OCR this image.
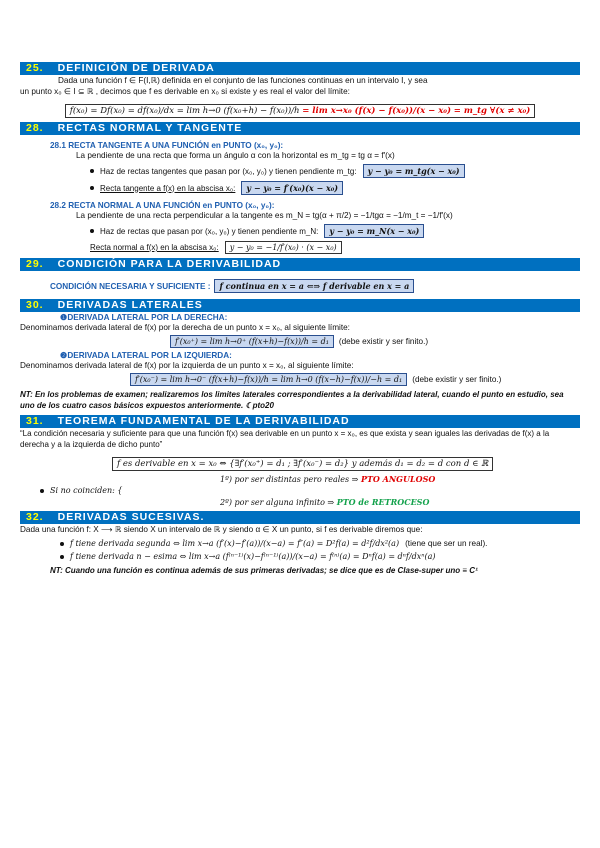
25. DEFINICIÓN DE DERIVADA

Dada una función f ∈ F(I,ℝ) definida en el conjunto de las funciones continuas en un intervalo I, y sea

un punto x₀ ∈ I ⊆ ℝ , decimos que f es derivable en x₀ si existe y es real el valor del límite:

f(x₀) = Df(x₀) = df(x₀)/dx = lim h→0 (f(x₀+h) − f(x₀))/h = lim x→x₀ (f(x) − f(x₀))/(x − x₀) = m_tg ∀(x ≠ x₀)
28. RECTAS NORMAL Y TANGENTE
28.1 RECTA TANGENTE A UNA FUNCIÓN en PUNTO (x₀, y₀):

La pendiente de una recta que forma un ángulo α con la horizontal es m_tg = tg α = f′(x)

Haz de rectas tangentes que pasan por (x₀, y₀) y tienen pendiente m_tg:	y − y₀ = m_tg(x − x₀)
Recta tangente a f(x) en la abscisa x₀:	y − y₀ = f′(x₀)(x − x₀)
28.2 RECTA NORMAL A UNA FUNCIÓN en PUNTO (x₀, y₀):

La pendiente de una recta perpendicular a la tangente es m_N = tg(α + π/2) = −1/tgα = −1/m_t = −1/f′(x)

Haz de rectas que pasan por (x₀, y₀) y tienen pendiente m_N:	y − y₀ = m_N(x − x₀)
Recta normal a f(x) en la abscisa x₀:	y − y₀ = −1/f′(x₀) · (x − x₀)
29. CONDICIÓN PARA LA DERIVABILIDAD
CONDICIÓN NECESARIA Y SUFICIENTE :	f continua en x = a ⇐⇒ f derivable en x = a
30. DERIVADAS LATERALES
❶DERIVADA LATERAL POR LA DERECHA:

Denominamos derivada lateral de f(x) por la derecha de un punto x = x₀, al siguiente límite:

f′(x₀⁺) = lim h→0⁺ (f(x+h)−f(x))/h = d₁	(debe existir y ser finito.)
❷DERIVADA LATERAL POR LA IZQUIERDA:

Denominamos derivada lateral de f(x) por la izquierda de un punto x = x₀, al siguiente límite:

f′(x₀⁻) = lim h→0⁻ (f(x+h)−f(x))/h = lim h→0 (f(x−h)−f(x))/−h = d₁	(debe existir y ser finito.)

NT: En los problemas de examen; realizaremos los limites laterales correspondientes a la derivabilidad lateral, cuando el punto en estudio, sea uno de los cuatro casos básicos expuestos anteriormente. ☾pto20

31. TEOREMA FUNDAMENTAL DE LA DERIVABILIDAD

“La condición necesaria y suficiente para que una función f(x) sea derivable en un punto x = x₀, es que exista y sean iguales las derivadas de f(x) a la derecha y a la izquierda de dicho punto”

f es derivable en x = x₀ ⇔ {∃f′(x₀⁺) = d₁ ; ∃f′(x₀⁻) = d₂} y además d₁ = d₂ = d con d ∈ ℝ
1º) por ser distintas pero reales ⇒ PTO ANGULOSO
Si no coinciden: {
2º) por ser alguna infinito ⇒ PTO de RETROCESO
32. DERIVADAS SUCESIVAS.

Dada una función f: X ⟶ ℝ siendo X un intervalo de ℝ y siendo α ∈ X un punto, si f es derivable diremos que:

f tiene derivada segunda ⇔ lim x→a (f′(x)−f′(a))/(x−a) = f″(a) = D²f(a) = d²f/dx²(a) (tiene que ser un real).
f tiene derivada n − esima ⇔ lim x→a (f⁽ⁿ⁻¹⁾(x)−f⁽ⁿ⁻¹⁾(a))/(x−a) = f⁽ⁿ⁾(a) = Dⁿf(a) = dⁿf/dxⁿ(a)

NT: Cuando una función es continua además de sus primeras derivadas; se dice que es de Clase-super uno ≡ C¹
